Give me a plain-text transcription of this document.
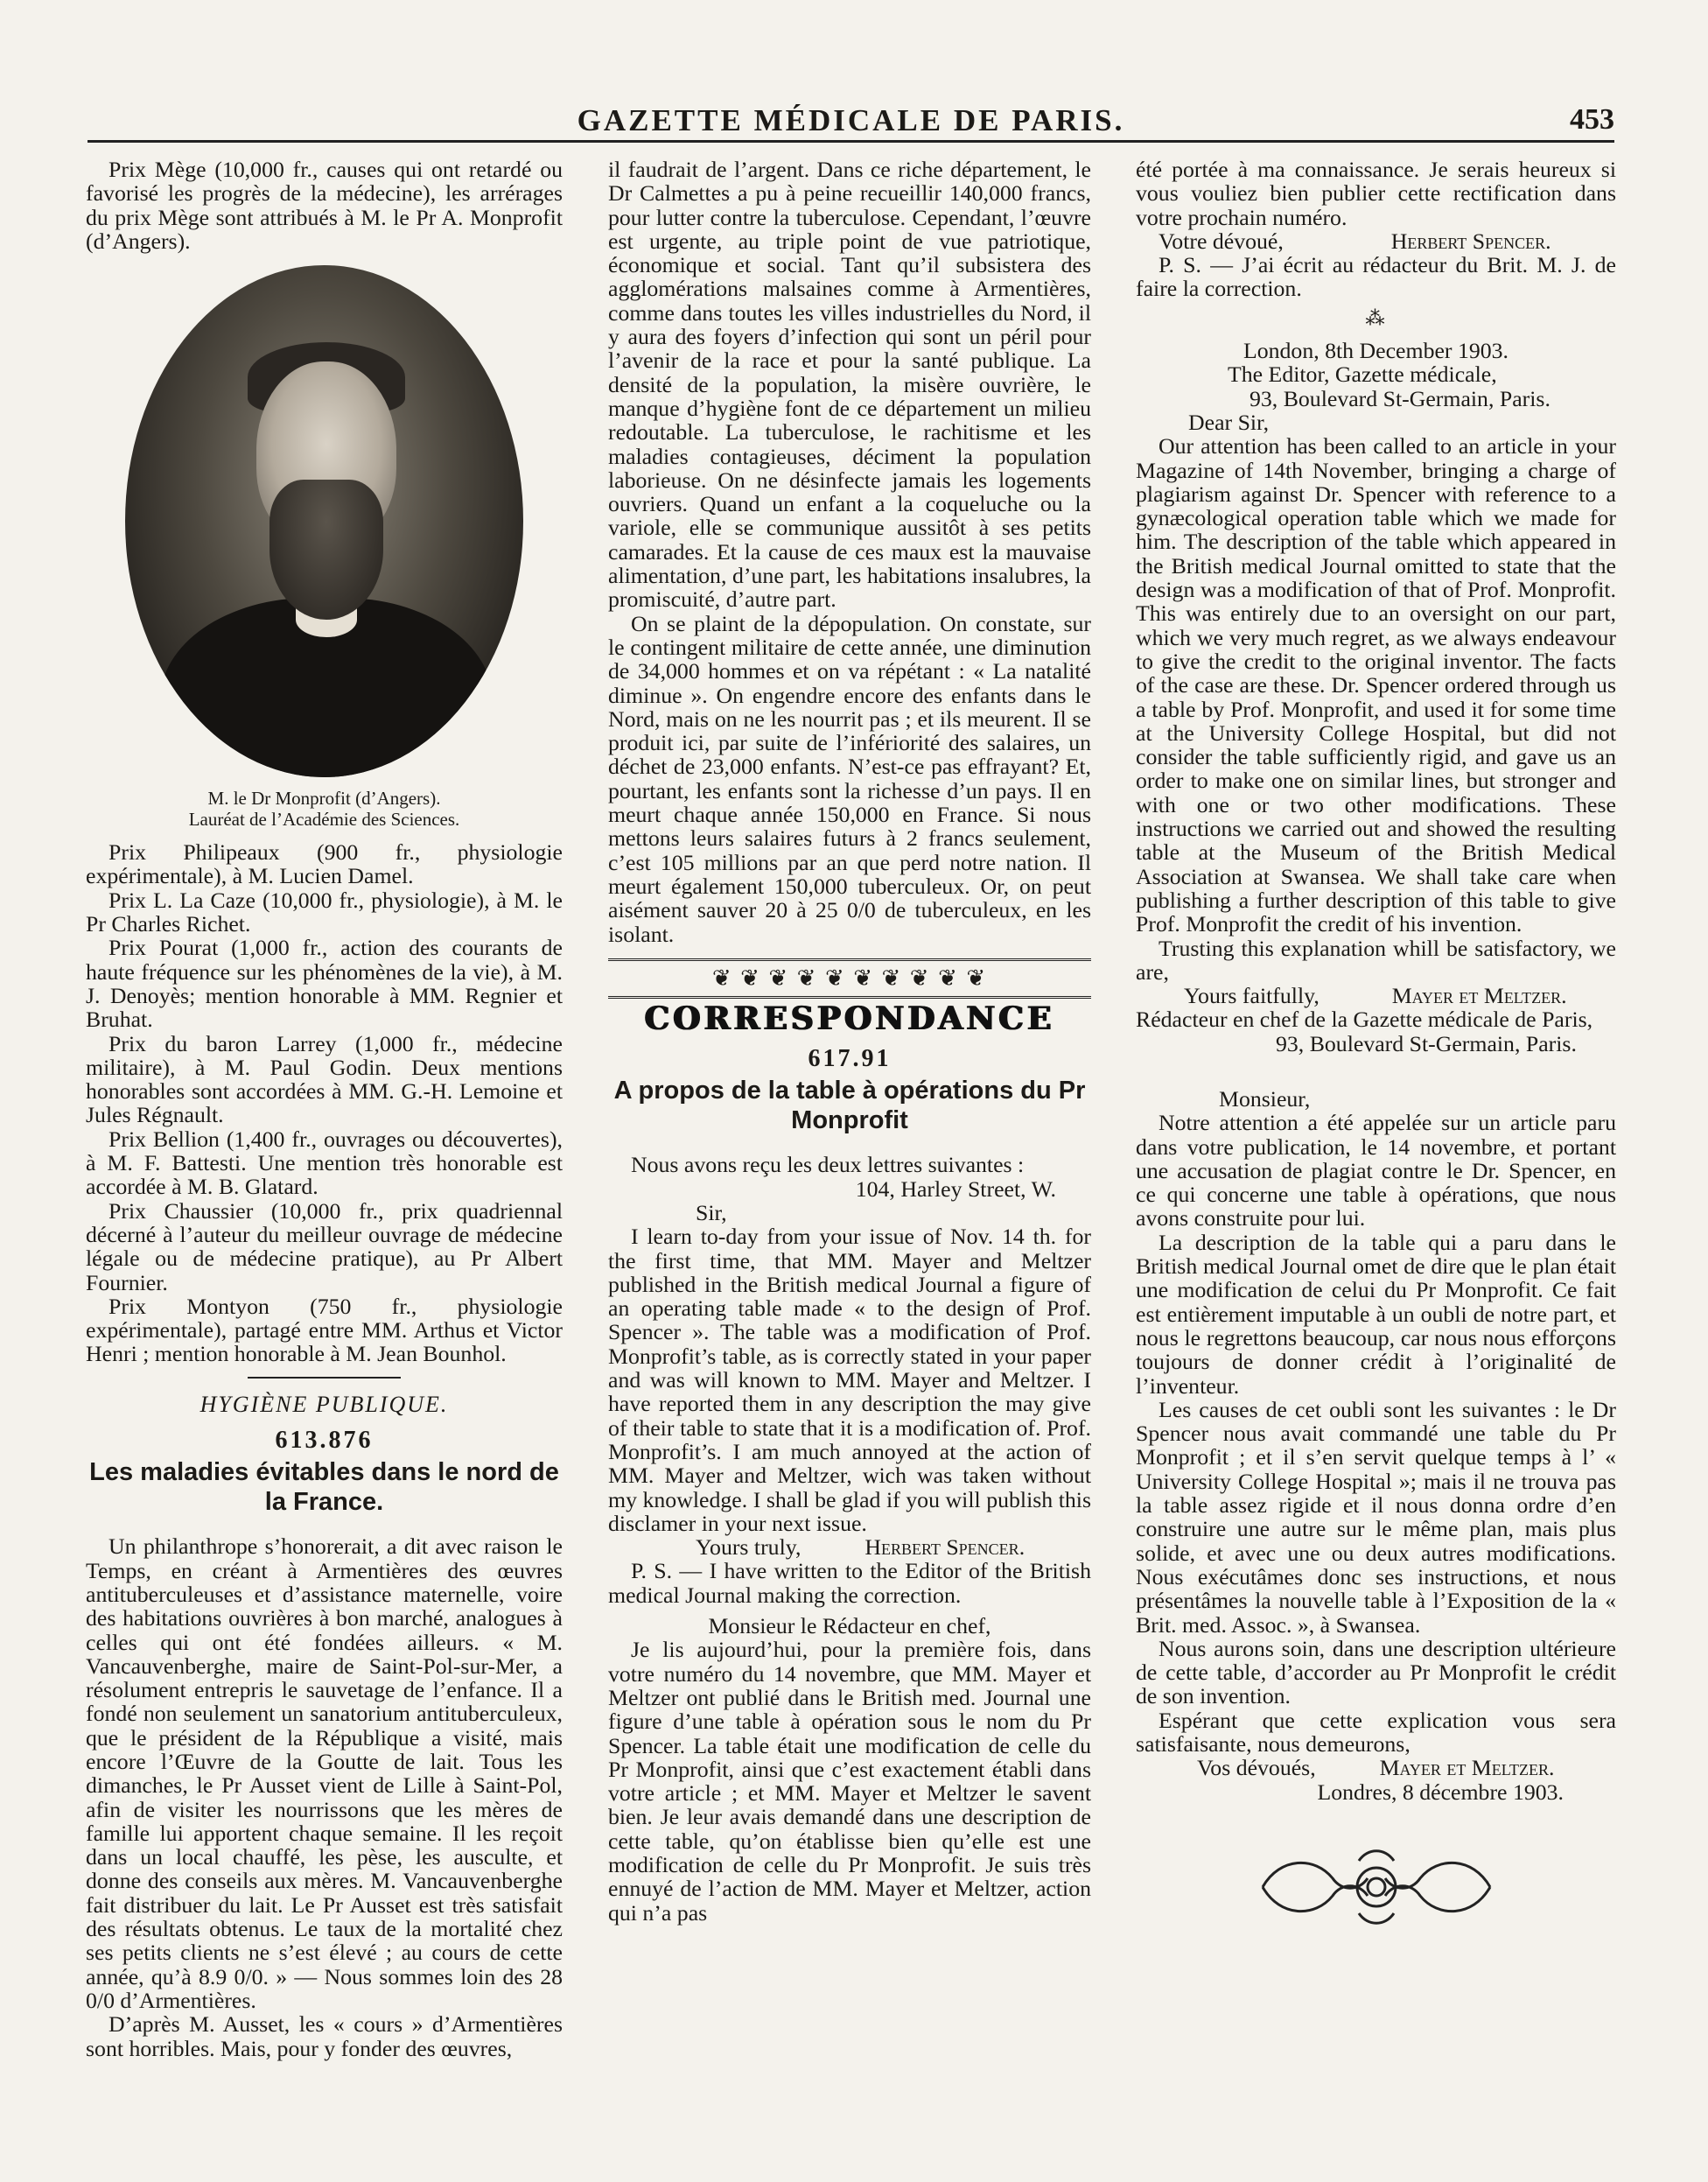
GAZETTE MÉDICALE DE PARIS.	453

Prix Mège (10,000 fr., causes qui ont retardé ou favorisé les progrès de la médecine), les arrérages du prix Mège sont attribués à M. le Pr A. Monprofit (d’Angers).

M. le Dr Monprofit (d’Angers).
Lauréat de l’Académie des Sciences.

Prix Philipeaux (900 fr., physiologie expérimentale), à M. Lucien Damel.

Prix L. La Caze (10,000 fr., physiologie), à M. le Pr Charles Richet.

Prix Pourat (1,000 fr., action des courants de haute fréquence sur les phénomènes de la vie), à M. J. Denoyès; mention honorable à MM. Regnier et Bruhat.

Prix du baron Larrey (1,000 fr., médecine militaire), à M. Paul Godin. Deux mentions honorables sont accordées à MM. G.-H. Lemoine et Jules Régnault.

Prix Bellion (1,400 fr., ouvrages ou découvertes), à M. F. Battesti. Une mention très honorable est accordée à M. B. Glatard.

Prix Chaussier (10,000 fr., prix quadriennal décerné à l’auteur du meilleur ouvrage de médecine légale ou de médecine pratique), au Pr Albert Fournier.

Prix Montyon (750 fr., physiologie expérimentale), partagé entre MM. Arthus et Victor Henri ; mention honorable à M. Jean Bounhol.

HYGIÈNE PUBLIQUE.
613.876
Les maladies évitables dans le nord de la France.

Un philanthrope s’honorerait, a dit avec raison le Temps, en créant à Armentières des œuvres antituberculeuses et d’assistance maternelle, voire des habitations ouvrières à bon marché, analogues à celles qui ont été fondées ailleurs. « M. Vancauvenberghe, maire de Saint-Pol-sur-Mer, a résolument entrepris le sauvetage de l’enfance. Il a fondé non seulement un sanatorium antituberculeux, que le président de la République a visité, mais encore l’Œuvre de la Goutte de lait. Tous les dimanches, le Pr Ausset vient de Lille à Saint-Pol, afin de visiter les nourrissons que les mères de famille lui apportent chaque semaine. Il les reçoit dans un local chauffé, les pèse, les ausculte, et donne des conseils aux mères. M. Vancauvenberghe fait distribuer du lait. Le Pr Ausset est très satisfait des résultats obtenus. Le taux de la mortalité chez ses petits clients ne s’est élevé ; au cours de cette année, qu’à 8.9 0/0. » — Nous sommes loin des 28 0/0 d’Armentières.

D’après M. Ausset, les « cours » d’Armentières sont horribles. Mais, pour y fonder des œuvres,

il faudrait de l’argent. Dans ce riche département, le Dr Calmettes a pu à peine recueillir 140,000 francs, pour lutter contre la tuberculose. Cependant, l’œuvre est urgente, au triple point de vue patriotique, économique et social. Tant qu’il subsistera des agglomérations malsaines comme à Armentières, comme dans toutes les villes industrielles du Nord, il y aura des foyers d’infection qui sont un péril pour l’avenir de la race et pour la santé publique. La densité de la population, la misère ouvrière, le manque d’hygiène font de ce département un milieu redoutable. La tuberculose, le rachitisme et les maladies contagieuses, déciment la population laborieuse. On ne désinfecte jamais les logements ouvriers. Quand un enfant a la coqueluche ou la variole, elle se communique aussitôt à ses petits camarades. Et la cause de ces maux est la mauvaise alimentation, d’une part, les habitations insalubres, la promiscuité, d’autre part.

On se plaint de la dépopulation. On constate, sur le contingent militaire de cette année, une diminution de 34,000 hommes et on va répétant : « La natalité diminue ». On engendre encore des enfants dans le Nord, mais on ne les nourrit pas ; et ils meurent. Il se produit ici, par suite de l’infériorité des salaires, un déchet de 23,000 enfants. N’est-ce pas effrayant? Et, pourtant, les enfants sont la richesse d’un pays. Il en meurt chaque année 150,000 en France. Si nous mettons leurs salaires futurs à 2 francs seulement, c’est 105 millions par an que perd notre nation. Il meurt également 150,000 tuberculeux. Or, on peut aisément sauver 20 à 25 0/0 de tuberculeux, en les isolant.

❦ ❦ ❦ ❦ ❦ ❦ ❦ ❦ ❦ ❦
CORRESPONDANCE
617.91
A propos de la table à opérations du Pr Monprofit

Nous avons reçu les deux lettres suivantes :

104, Harley Street, W.

Sir,

I learn to-day from your issue of Nov. 14 th. for the first time, that MM. Mayer and Meltzer published in the British medical Journal a figure of an operating table made « to the design of Prof. Spencer ». The table was a modification of Prof. Monprofit’s table, as is correctly stated in your paper and was will known to MM. Mayer and Meltzer. I have reported them in any description the may give of their table to state that it is a modification of. Prof. Monprofit’s. I am much annoyed at the action of MM. Mayer and Meltzer, wich was taken without my knowledge. I shall be glad if you will publish this disclamer in your next issue.

Yours truly,	Herbert Spencer.

P. S. — I have written to the Editor of the British medical Journal making the correction.

Monsieur le Rédacteur en chef,

Je lis aujourd’hui, pour la première fois, dans votre numéro du 14 novembre, que MM. Mayer et Meltzer ont publié dans le British med. Journal une figure d’une table à opération sous le nom du Pr Spencer. La table était une modification de celle du Pr Monprofit, ainsi que c’est exactement établi dans votre article ; et MM. Mayer et Meltzer le savent bien. Je leur avais demandé dans une description de cette table, qu’on établisse bien qu’elle est une modification de celle du Pr Monprofit. Je suis très ennuyé de l’action de MM. Mayer et Meltzer, action qui n’a pas

été portée à ma connaissance. Je serais heureux si vous vouliez bien publier cette rectification dans votre prochain numéro.

Votre dévoué,	Herbert Spencer.

P. S. — J’ai écrit au rédacteur du Brit. M. J. de faire la correction.

⁂

London, 8th December 1903.

The Editor, Gazette médicale,

93, Boulevard St-Germain, Paris.

Dear Sir,

Our attention has been called to an article in your Magazine of 14th November, bringing a charge of plagiarism against Dr. Spencer with reference to a gynæcological operation table which we made for him. The description of the table which appeared in the British medical Journal omitted to state that the design was a modification of that of Prof. Monprofit. This was entirely due to an oversight on our part, which we very much regret, as we always endeavour to give the credit to the original inventor. The facts of the case are these. Dr. Spencer ordered through us a table by Prof. Monprofit, and used it for some time at the University College Hospital, but did not consider the table sufficiently rigid, and gave us an order to make one on similar lines, but stronger and with one or two other modifications. These instructions we carried out and showed the resulting table at the Museum of the British Medical Association at Swansea. We shall take care when publishing a further description of this table to give Prof. Monprofit the credit of his invention.

Trusting this explanation whill be satisfactory, we are,

Yours faitfully,	Mayer et Meltzer.

Rédacteur en chef de la Gazette médicale de Paris,

93, Boulevard St-Germain, Paris.

Monsieur,

Notre attention a été appelée sur un article paru dans votre publication, le 14 novembre, et portant une accusation de plagiat contre le Dr. Spencer, en ce qui concerne une table à opérations, que nous avons construite pour lui.

La description de la table qui a paru dans le British medical Journal omet de dire que le plan était une modification de celui du Pr Monprofit. Ce fait est entièrement imputable à un oubli de notre part, et nous le regrettons beaucoup, car nous nous efforçons toujours de donner crédit à l’originalité de l’inventeur.

Les causes de cet oubli sont les suivantes : le Dr Spencer nous avait commandé une table du Pr Monprofit ; et il s’en servit quelque temps à l’ « University College Hospital »; mais il ne trouva pas la table assez rigide et il nous donna ordre d’en construire une autre sur le même plan, mais plus solide, et avec une ou deux autres modifications. Nous exécutâmes donc ses instructions, et nous présentâmes la nouvelle table à l’Exposition de la « Brit. med. Assoc. », à Swansea.

Nous aurons soin, dans une description ultérieure de cette table, d’accorder au Pr Monprofit le crédit de son invention.

Espérant que cette explication vous sera satisfaisante, nous demeurons,

Vos dévoués,	Mayer et Meltzer.

Londres, 8 décembre 1903.
